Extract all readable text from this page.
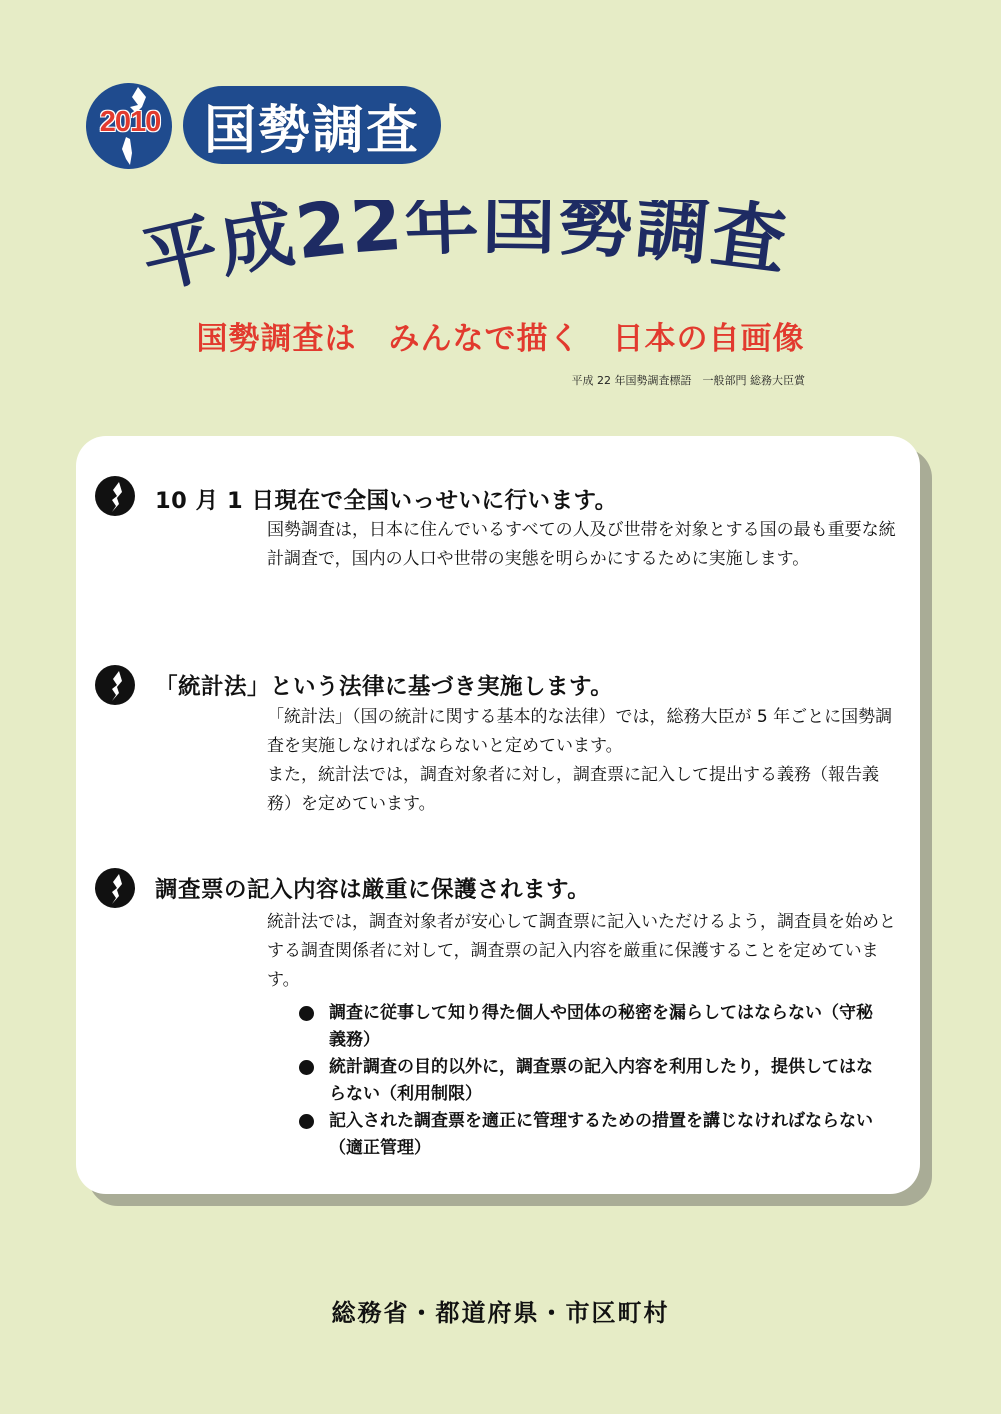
2010 国勢調査
平成22年国勢調査
国勢調査は　みんなで描く　日本の自画像
平成 22 年国勢調査標語　一般部門 総務大臣賞
10 月 1 日現在で全国いっせいに行います。

国勢調査は，日本に住んでいるすべての人及び世帯を対象とする国の最も重要な統計調査で，国内の人口や世帯の実態を明らかにするために実施します。

「統計法」という法律に基づき実施します。

「統計法」（国の統計に関する基本的な法律）では，総務大臣が 5 年ごとに国勢調査を実施しなければならないと定めています。

また，統計法では，調査対象者に対し，調査票に記入して提出する義務（報告義務）を定めています。

調査票の記入内容は厳重に保護されます。

統計法では，調査対象者が安心して調査票に記入いただけるよう，調査員を始めとする調査関係者に対して，調査票の記入内容を厳重に保護することを定めています。

調査に従事して知り得た個人や団体の秘密を漏らしてはならない（守秘義務）
統計調査の目的以外に，調査票の記入内容を利用したり，提供してはならない（利用制限）
記入された調査票を適正に管理するための措置を講じなければならない（適正管理）
総務省・都道府県・市区町村
